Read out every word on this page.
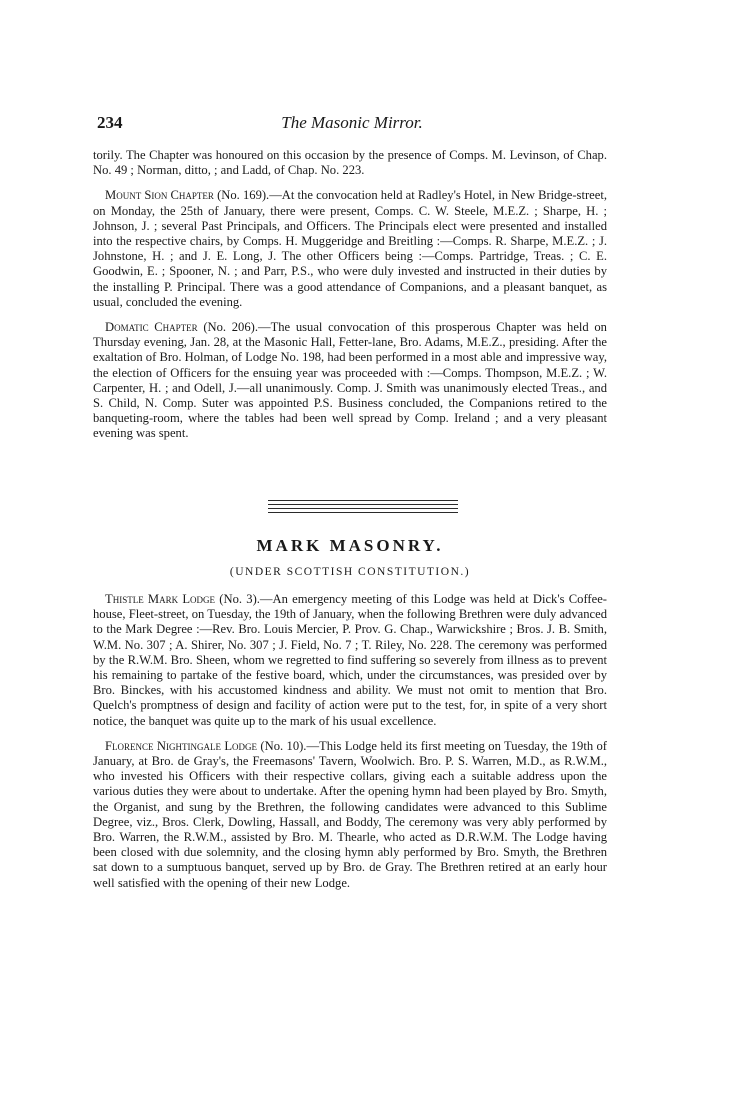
234	The Masonic Mirror.

torily. The Chapter was honoured on this occasion by the presence of Comps. M. Levinson, of Chap. No. 49 ; Norman, ditto, ; and Ladd, of Chap. No. 223.

Mount Sion Chapter (No. 169).—At the convocation held at Radley's Hotel, in New Bridge-street, on Monday, the 25th of January, there were present, Comps. C. W. Steele, M.E.Z. ; Sharpe, H. ; Johnson, J. ; several Past Principals, and Officers. The Principals elect were presented and installed into the respective chairs, by Comps. H. Muggeridge and Breitling :—Comps. R. Sharpe, M.E.Z. ; J. Johnstone, H. ; and J. E. Long, J. The other Officers being :—Comps. Partridge, Treas. ; C. E. Goodwin, E. ; Spooner, N. ; and Parr, P.S., who were duly invested and instructed in their duties by the installing P. Principal. There was a good attendance of Companions, and a pleasant banquet, as usual, concluded the evening.

Domatic Chapter (No. 206).—The usual convocation of this prosperous Chapter was held on Thursday evening, Jan. 28, at the Masonic Hall, Fetter-lane, Bro. Adams, M.E.Z., presiding. After the exaltation of Bro. Holman, of Lodge No. 198, had been performed in a most able and impressive way, the election of Officers for the ensuing year was proceeded with :—Comps. Thompson, M.E.Z. ; W. Carpenter, H. ; and Odell, J.—all unanimously. Comp. J. Smith was unanimously elected Treas., and S. Child, N. Comp. Suter was appointed P.S. Business concluded, the Companions retired to the banqueting-room, where the tables had been well spread by Comp. Ireland ; and a very pleasant evening was spent.

MARK MASONRY.
(UNDER SCOTTISH CONSTITUTION.)

Thistle Mark Lodge (No. 3).—An emergency meeting of this Lodge was held at Dick's Coffee-house, Fleet-street, on Tuesday, the 19th of January, when the following Brethren were duly advanced to the Mark Degree :—Rev. Bro. Louis Mercier, P. Prov. G. Chap., Warwickshire ; Bros. J. B. Smith, W.M. No. 307 ; A. Shirer, No. 307 ; J. Field, No. 7 ; T. Riley, No. 228. The ceremony was performed by the R.W.M. Bro. Sheen, whom we regretted to find suffering so severely from illness as to prevent his remaining to partake of the festive board, which, under the circumstances, was presided over by Bro. Binckes, with his accustomed kindness and ability. We must not omit to mention that Bro. Quelch's promptness of design and facility of action were put to the test, for, in spite of a very short notice, the banquet was quite up to the mark of his usual excellence.

Florence Nightingale Lodge (No. 10).—This Lodge held its first meeting on Tuesday, the 19th of January, at Bro. de Gray's, the Freemasons' Tavern, Woolwich. Bro. P. S. Warren, M.D., as R.W.M., who invested his Officers with their respective collars, giving each a suitable address upon the various duties they were about to undertake. After the opening hymn had been played by Bro. Smyth, the Organist, and sung by the Brethren, the following candidates were advanced to this Sublime Degree, viz., Bros. Clerk, Dowling, Hassall, and Boddy, The ceremony was very ably performed by Bro. Warren, the R.W.M., assisted by Bro. M. Thearle, who acted as D.R.W.M. The Lodge having been closed with due solemnity, and the closing hymn ably performed by Bro. Smyth, the Brethren sat down to a sumptuous banquet, served up by Bro. de Gray. The Brethren retired at an early hour well satisfied with the opening of their new Lodge.
